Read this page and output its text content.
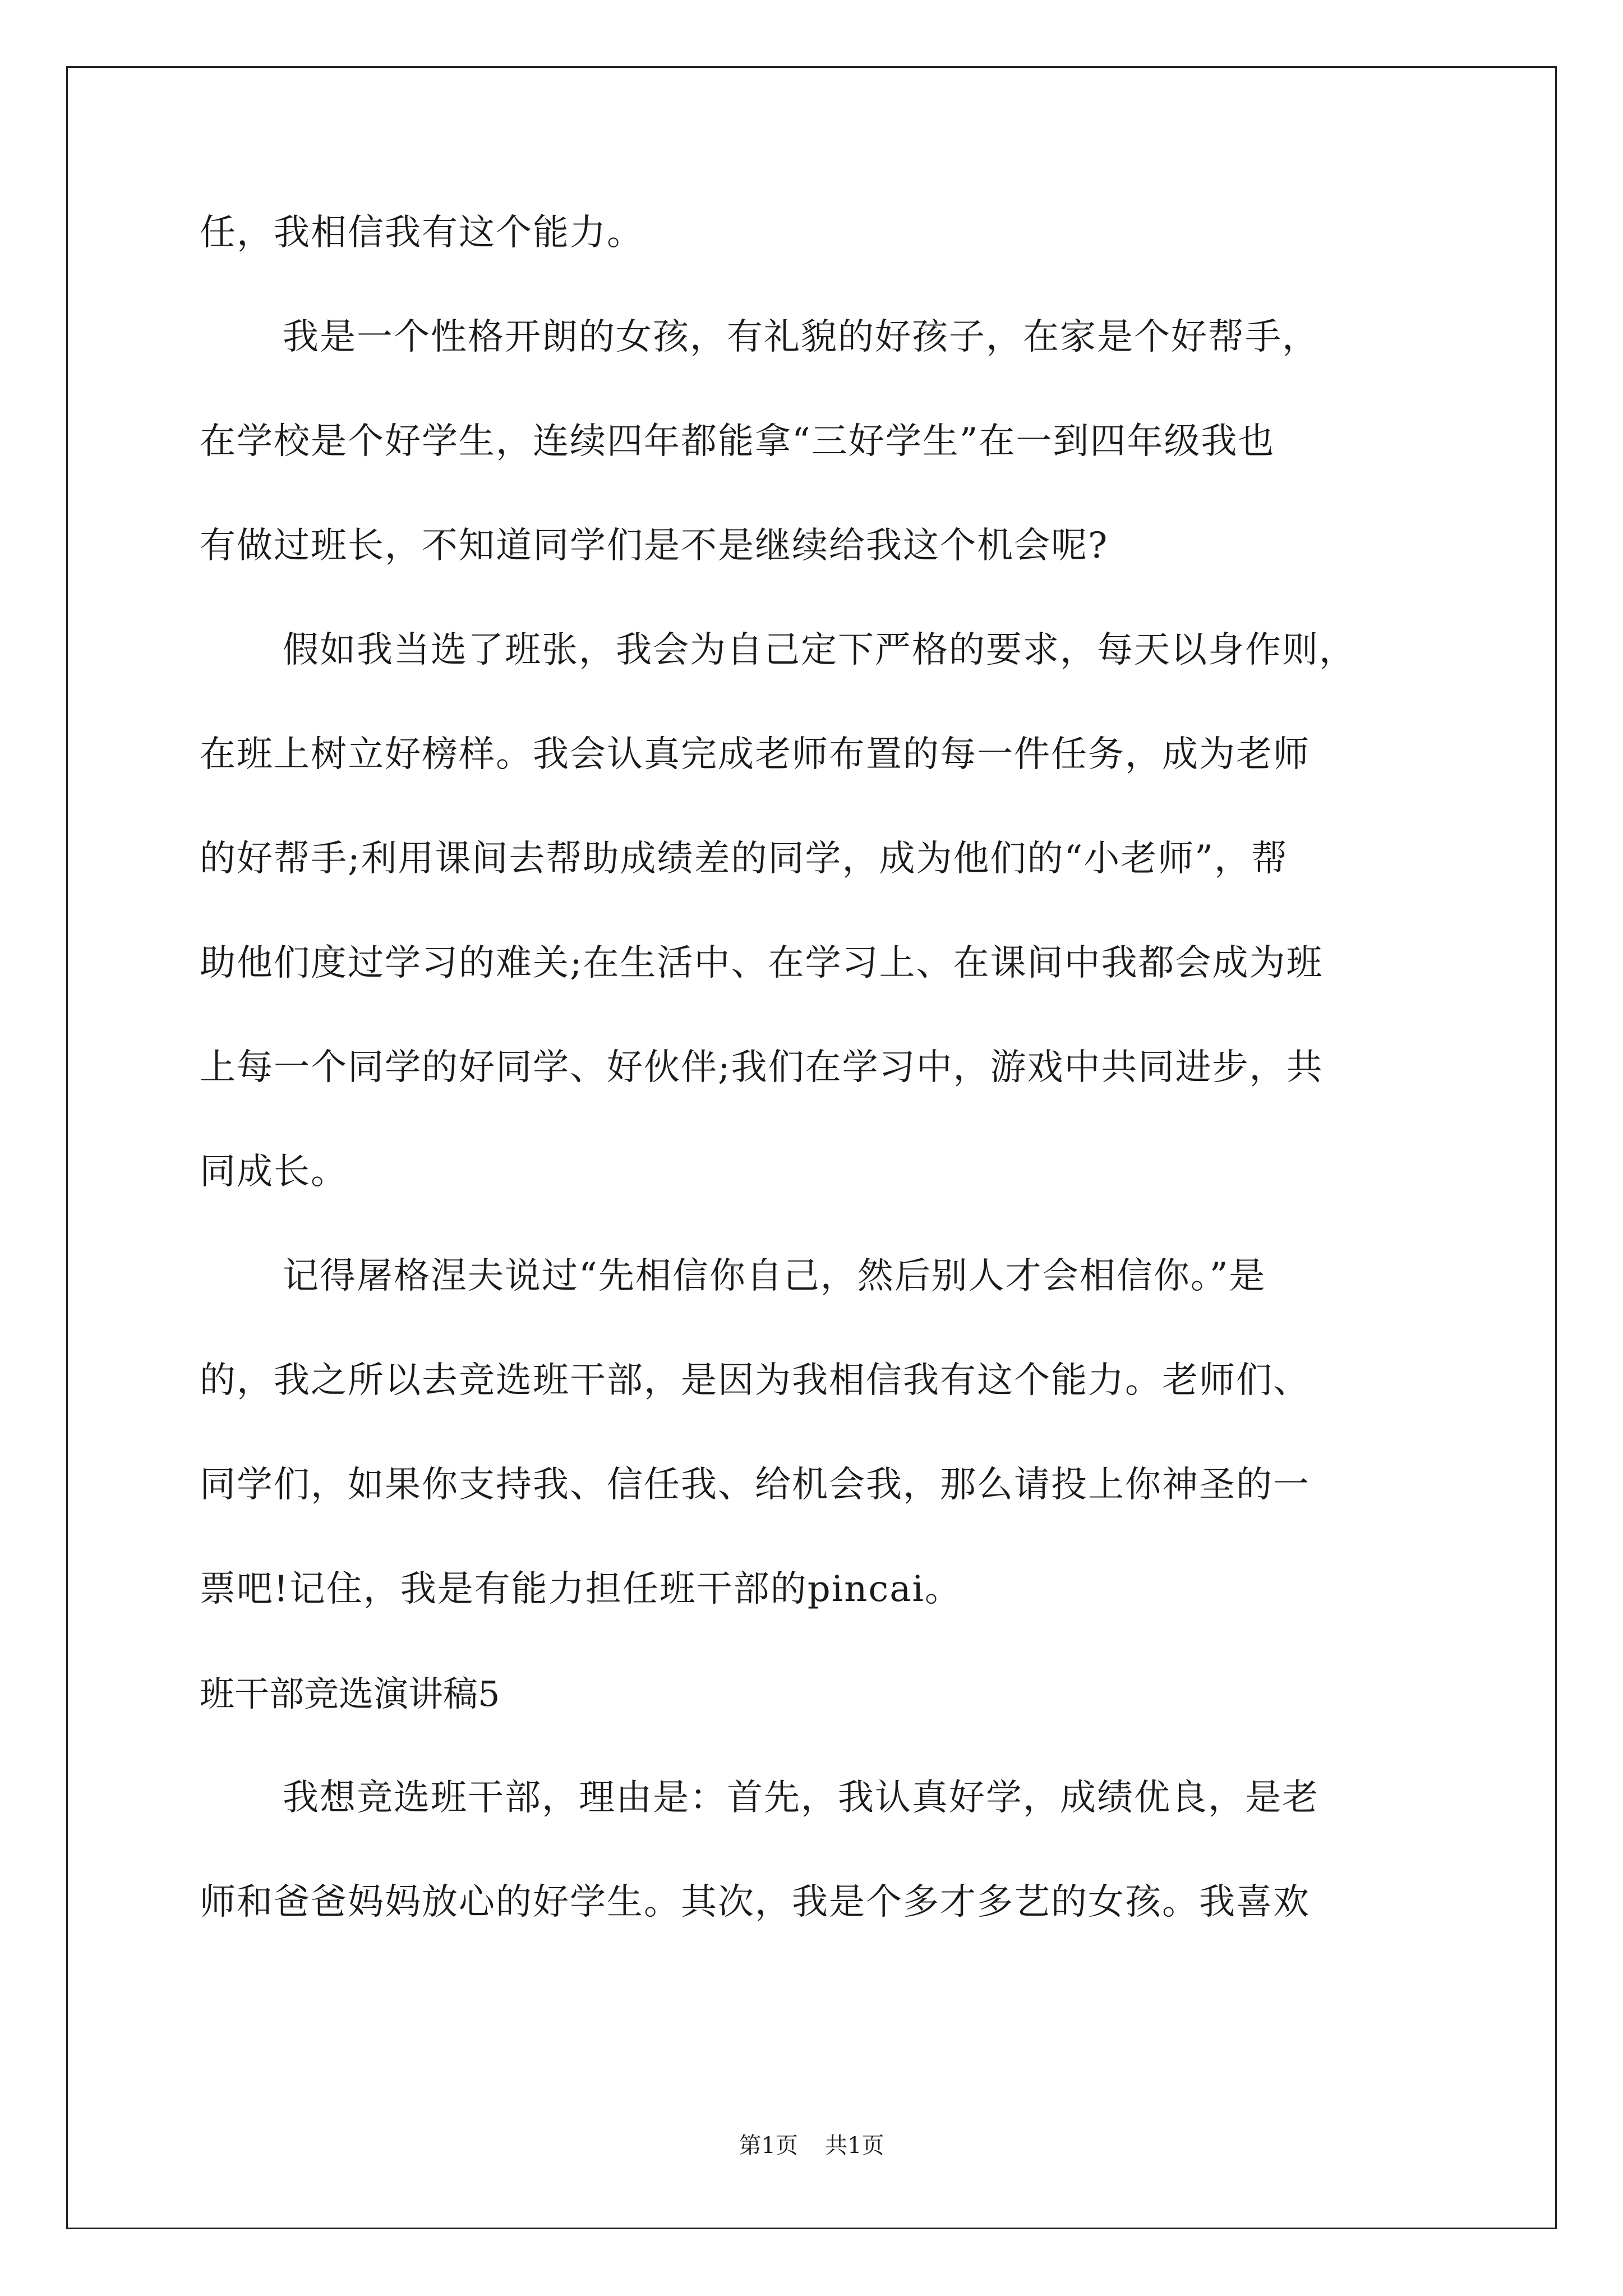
任，我相信我有这个能力。

我是一个性格开朗的女孩，有礼貌的好孩子，在家是个好帮手，

在学校是个好学生，连续四年都能拿“三好学生”在一到四年级我也

有做过班长，不知道同学们是不是继续给我这个机会呢?

假如我当选了班张，我会为自己定下严格的要求，每天以身作则，

在班上树立好榜样。我会认真完成老师布置的每一件任务，成为老师

的好帮手;利用课间去帮助成绩差的同学，成为他们的“小老师”，帮

助他们度过学习的难关;在生活中、在学习上、在课间中我都会成为班

上每一个同学的好同学、好伙伴;我们在学习中，游戏中共同进步，共

同成长。

记得屠格涅夫说过“先相信你自己，然后别人才会相信你。”是

的，我之所以去竞选班干部，是因为我相信我有这个能力。老师们、

同学们，如果你支持我、信任我、给机会我，那么请投上你神圣的一

票吧!记住，我是有能力担任班干部的pincai。

班干部竞选演讲稿5

我想竞选班干部，理由是：首先，我认真好学，成绩优良，是老

师和爸爸妈妈放心的好学生。其次，我是个多才多艺的女孩。我喜欢

第1页 共1页
